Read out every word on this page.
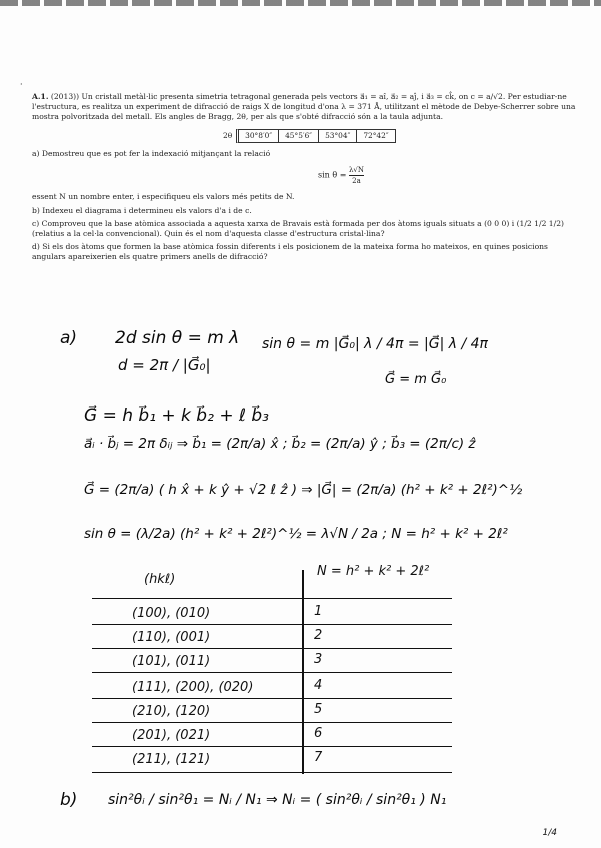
·

A.1. (2013)) Un cristall metàl·lic presenta simetria tetragonal generada pels vectors a⃗₁ = aî, a⃗₂ = aĵ, i a⃗₃ = ck̂, on c = a/√2. Per estudiar-ne l'estructura, es realitza un experiment de difracció de raigs X de longitud d'ona λ = 371 Å, utilitzant el mètode de Debye-Scherrer sobre una mostra polvoritzada del metall. Els angles de Bragg, 2θ, per als que s'obté difracció són a la taula adjunta.

2θ	30°8′0″	45°5′6″	53°04″	72°42″

a) Demostreu que es pot fer la indexació mitjançant la relació

$\sin \theta = \frac{\lambda√N}{2a}$

essent N un nombre enter, i especifiqueu els valors més petits de N.

b) Indexeu el diagrama i determineu els valors d'a i de c.

c) Comproveu que la base atòmica associada a aquesta xarxa de Bravais està formada per dos àtoms iguals situats a (0 0 0) i (1/2 1/2 1/2) (relatius a la cel·la convencional). Quin és el nom d'aquesta classe d'estructura cristal·lina?

d) Si els dos àtoms que formen la base atòmica fossin diferents i els posicionem de la mateixa forma ho mateixos, en quines posicions angulars apareixerien els quatre primers anells de difracció?

a) 2d sin θ = m λ
d = 2π / |G⃗₀|
sin θ = m |G⃗₀| λ / 4π = |G⃗| λ / 4π
G⃗ = m G⃗₀
G⃗ = h b⃗₁ + k b⃗₂ + ℓ b⃗₃
a⃗ᵢ · b⃗ⱼ = 2π δᵢⱼ ⇒ b⃗₁ = (2π/a) x̂ ; b⃗₂ = (2π/a) ŷ ; b⃗₃ = (2π/c) ẑ
G⃗ = (2π/a) ( h x̂ + k ŷ + √2 ℓ ẑ ) ⇒ |G⃗| = (2π/a) (h² + k² + 2ℓ²)^½
sin θ = (λ/2a) (h² + k² + 2ℓ²)^½ = λ√N / 2a ; N = h² + k² + 2ℓ²
(hkℓ)
N = h² + k² + 2ℓ²
(100), (010)	1
(110), (001)	2
(101), (011)	3
(111), (200), (020)	4
(210), (120)	5
(201), (021)	6
(211), (121)	7
b) sin²θᵢ / sin²θ₁ = Nᵢ / N₁ ⇒ Nᵢ = ( sin²θᵢ / sin²θ₁ ) N₁
1/4
